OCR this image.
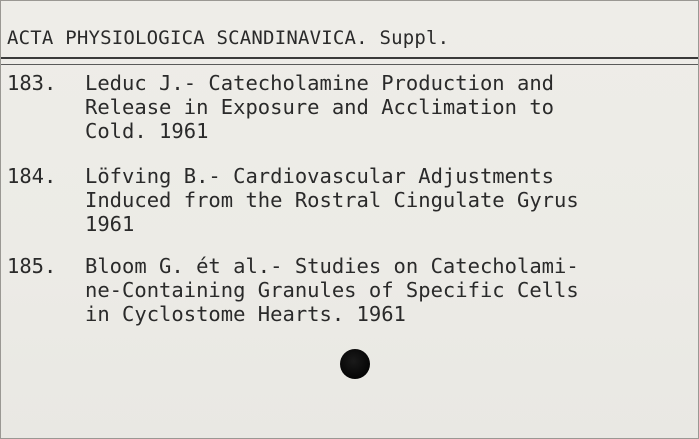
ACTA PHYSIOLOGICA SCANDINAVICA. Suppl.
183. Leduc J.- Catecholamine Production and
Release in Exposure and Acclimation to
Cold. 1961
184. Löfving B.- Cardiovascular Adjustments
Induced from the Rostral Cingulate Gyrus
1961
185. Bloom G. ét al.- Studies on Catecholami-
ne-Containing Granules of Specific Cells
in Cyclostome Hearts. 1961
